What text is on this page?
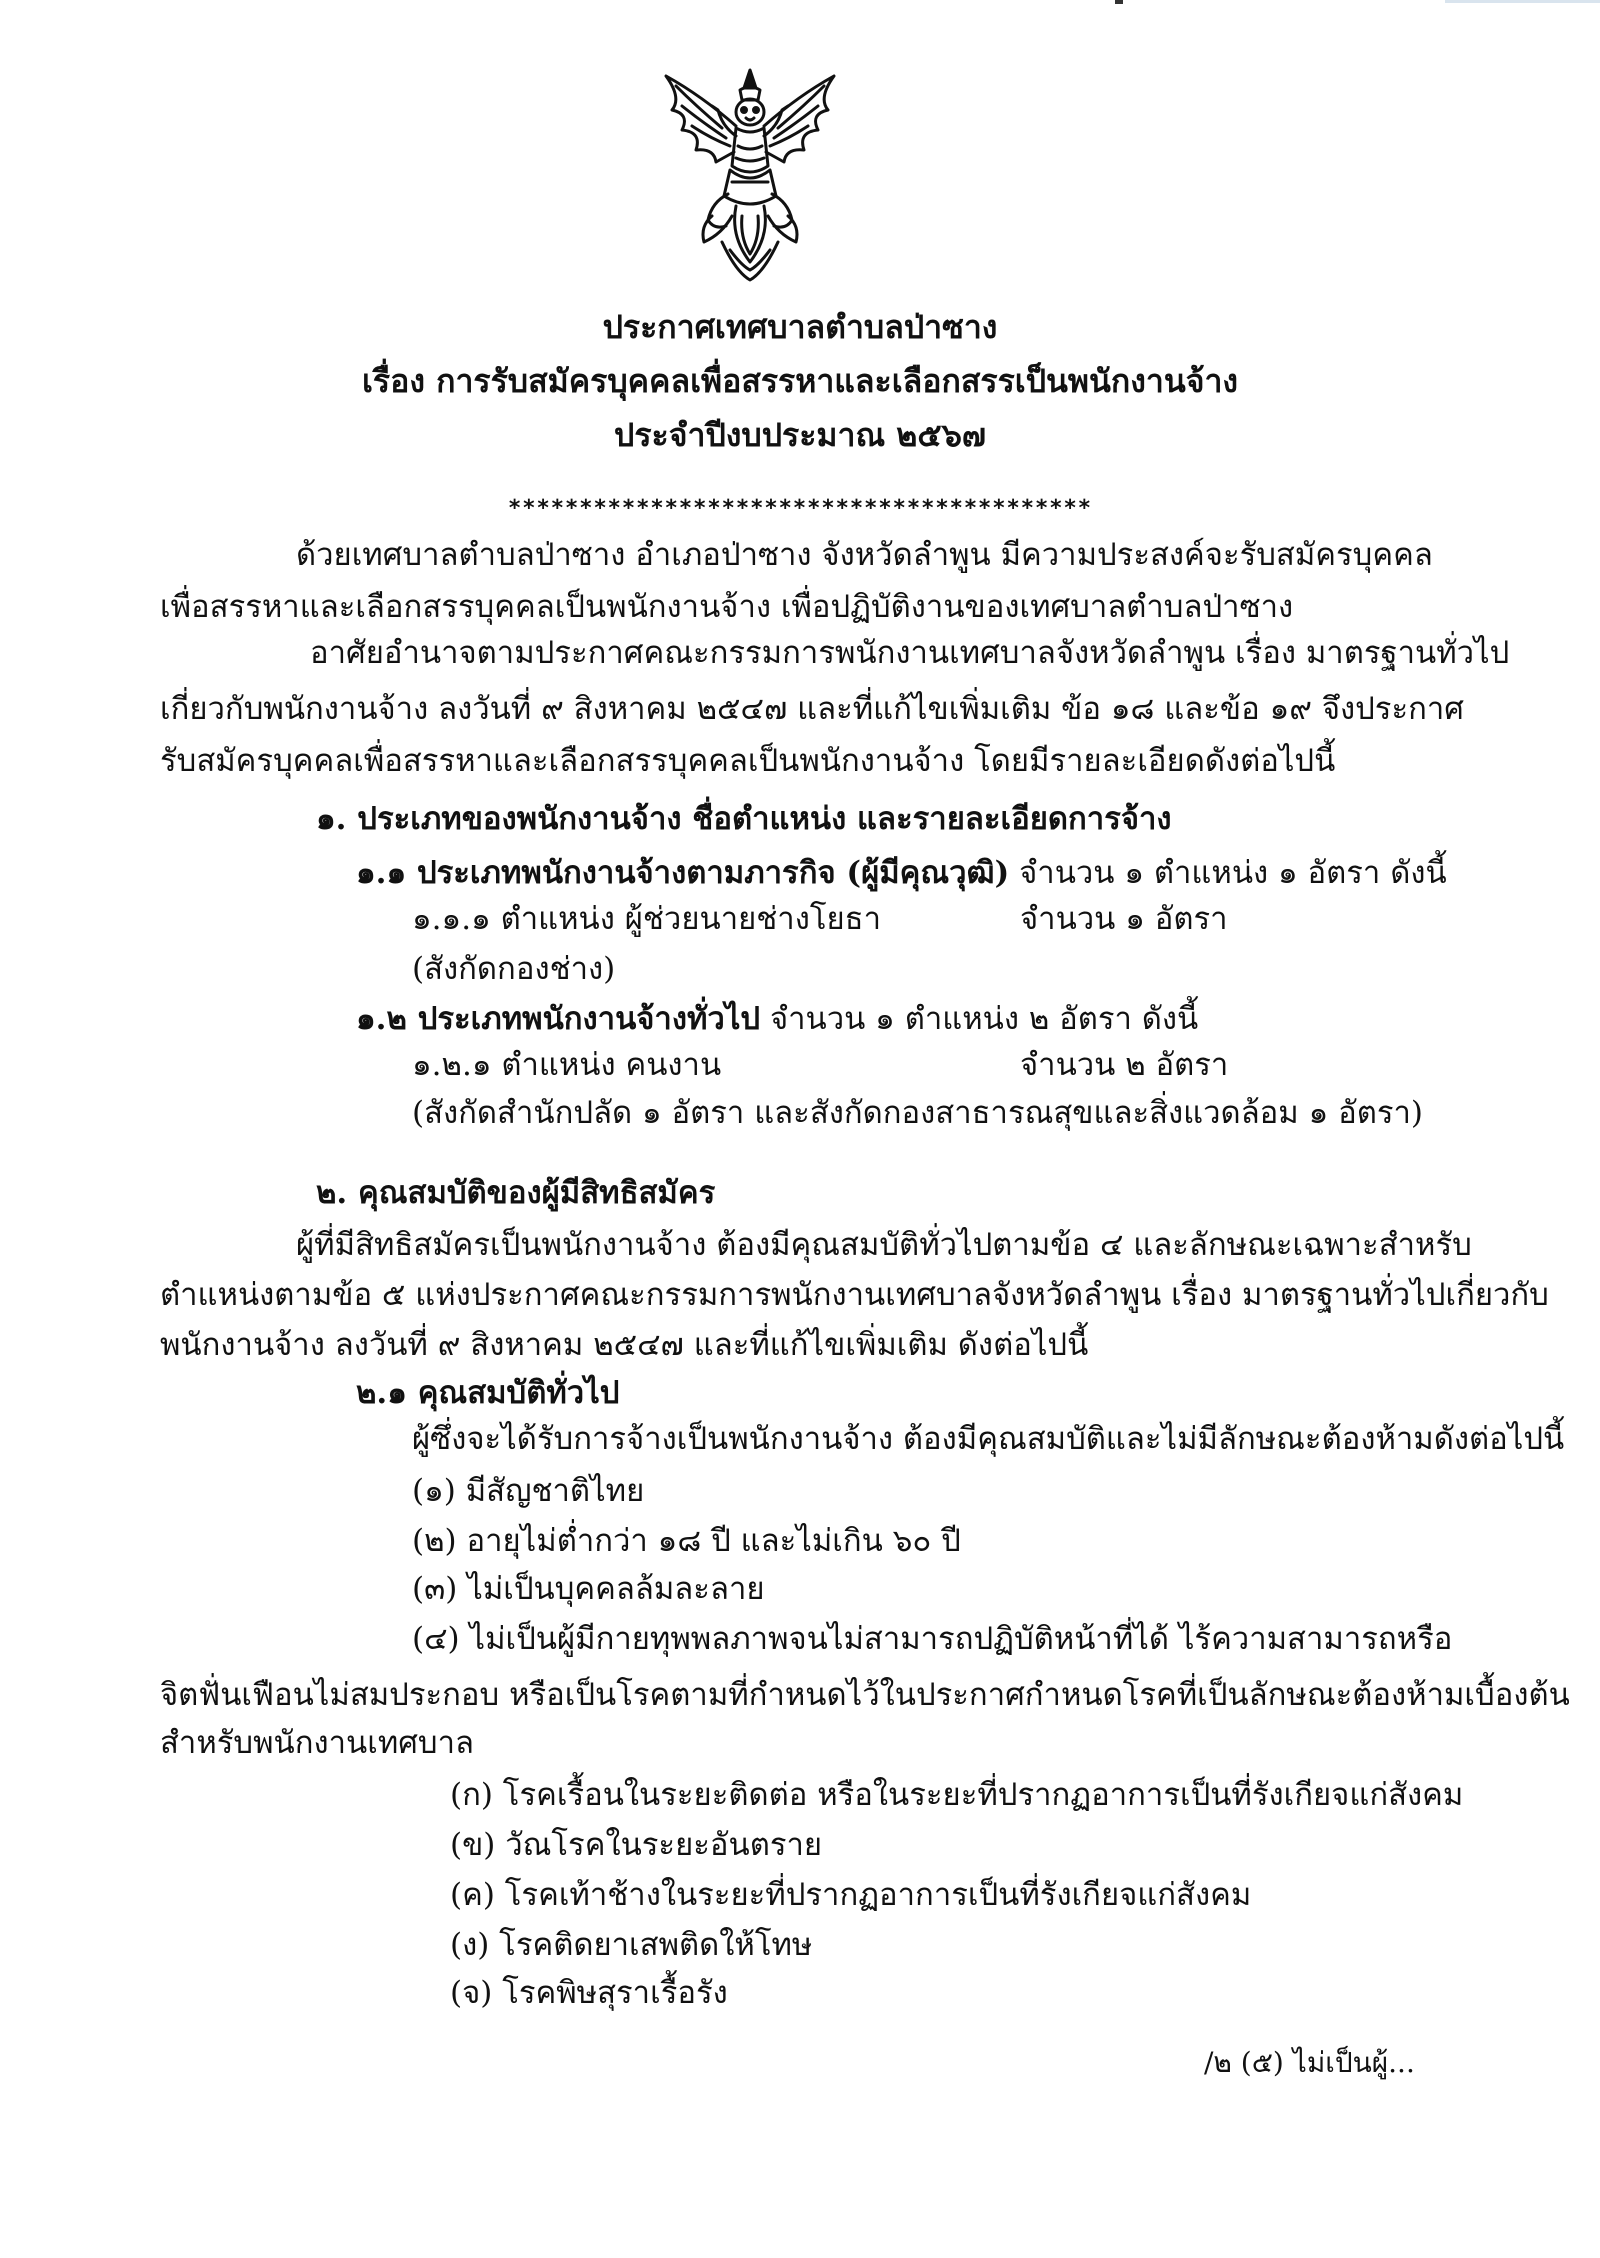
ประกาศเทศบาลตำบลป่าซาง
เรื่อง การรับสมัครบุคคลเพื่อสรรหาและเลือกสรรเป็นพนักงานจ้าง
ประจำปีงบประมาณ ๒๕๖๗
*****************************************
ด้วยเทศบาลตำบลป่าซาง อำเภอป่าซาง จังหวัดลำพูน มีความประสงค์จะรับสมัครบุคคล
เพื่อสรรหาและเลือกสรรบุคคลเป็นพนักงานจ้าง เพื่อปฏิบัติงานของเทศบาลตำบลป่าซาง
อาศัยอำนาจตามประกาศคณะกรรมการพนักงานเทศบาลจังหวัดลำพูน เรื่อง มาตรฐานทั่วไป
เกี่ยวกับพนักงานจ้าง ลงวันที่ ๙ สิงหาคม ๒๕๔๗ และที่แก้ไขเพิ่มเติม ข้อ ๑๘ และข้อ ๑๙ จึงประกาศ
รับสมัครบุคคลเพื่อสรรหาและเลือกสรรบุคคลเป็นพนักงานจ้าง โดยมีรายละเอียดดังต่อไปนี้
๑. ประเภทของพนักงานจ้าง ชื่อตำแหน่ง และรายละเอียดการจ้าง
๑.๑ ประเภทพนักงานจ้างตามภารกิจ (ผู้มีคุณวุฒิ) จำนวน ๑ ตำแหน่ง ๑ อัตรา ดังนี้
๑.๑.๑ ตำแหน่ง ผู้ช่วยนายช่างโยธา	จำนวน ๑ อัตรา
(สังกัดกองช่าง)
๑.๒ ประเภทพนักงานจ้างทั่วไป จำนวน ๑ ตำแหน่ง ๒ อัตรา ดังนี้
๑.๒.๑ ตำแหน่ง คนงาน	จำนวน ๒ อัตรา
(สังกัดสำนักปลัด ๑ อัตรา และสังกัดกองสาธารณสุขและสิ่งแวดล้อม ๑ อัตรา)
๒. คุณสมบัติของผู้มีสิทธิสมัคร
ผู้ที่มีสิทธิสมัครเป็นพนักงานจ้าง ต้องมีคุณสมบัติทั่วไปตามข้อ ๔ และลักษณะเฉพาะสำหรับ
ตำแหน่งตามข้อ ๕ แห่งประกาศคณะกรรมการพนักงานเทศบาลจังหวัดลำพูน เรื่อง มาตรฐานทั่วไปเกี่ยวกับ
พนักงานจ้าง ลงวันที่ ๙ สิงหาคม ๒๕๔๗ และที่แก้ไขเพิ่มเติม ดังต่อไปนี้
๒.๑ คุณสมบัติทั่วไป
ผู้ซึ่งจะได้รับการจ้างเป็นพนักงานจ้าง ต้องมีคุณสมบัติและไม่มีลักษณะต้องห้ามดังต่อไปนี้
(๑) มีสัญชาติไทย
(๒) อายุไม่ต่ำกว่า ๑๘ ปี และไม่เกิน ๖๐ ปี
(๓) ไม่เป็นบุคคลล้มละลาย
(๔) ไม่เป็นผู้มีกายทุพพลภาพจนไม่สามารถปฏิบัติหน้าที่ได้ ไร้ความสามารถหรือ
จิตฟั่นเฟือนไม่สมประกอบ หรือเป็นโรคตามที่กำหนดไว้ในประกาศกำหนดโรคที่เป็นลักษณะต้องห้ามเบื้องต้น
สำหรับพนักงานเทศบาล
(ก) โรคเรื้อนในระยะติดต่อ หรือในระยะที่ปรากฏอาการเป็นที่รังเกียจแก่สังคม
(ข) วัณโรคในระยะอันตราย
(ค) โรคเท้าช้างในระยะที่ปรากฏอาการเป็นที่รังเกียจแก่สังคม
(ง) โรคติดยาเสพติดให้โทษ
(จ) โรคพิษสุราเรื้อรัง
/๒ (๕) ไม่เป็นผู้...
